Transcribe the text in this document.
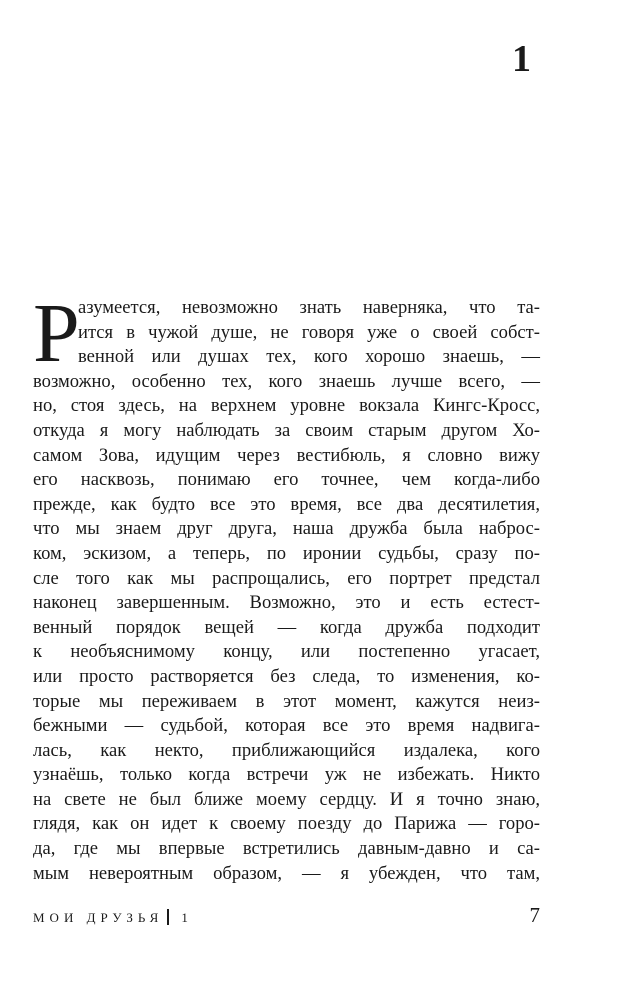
1
Р
азумеется, невозможно знать наверняка, что та-
ится в чужой душе, не говоря уже о своей собст-
венной или душах тех, кого хорошо знаешь, —
возможно, особенно тех, кого знаешь лучше всего, —
но, стоя здесь, на верхнем уровне вокзала Кингс-Кросс,
откуда я могу наблюдать за своим старым другом Хо-
самом Зова, идущим через вестибюль, я словно вижу
его насквозь, понимаю его точнее, чем когда-либо
прежде, как будто все это время, все два десятилетия,
что мы знаем друг друга, наша дружба была наброс-
ком, эскизом, а теперь, по иронии судьбы, сразу по-
сле того как мы распрощались, его портрет предстал
наконец завершенным. Возможно, это и есть естест-
венный порядок вещей — когда дружба подходит
к необъяснимому концу, или постепенно угасает,
или просто растворяется без следа, то изменения, ко-
торые мы переживаем в этот момент, кажутся неиз-
бежными — судьбой, которая все это время надвига-
лась, как некто, приближающийся издалека, кого
узнаёшь, только когда встречи уж не избежать. Никто
на свете не был ближе моему сердцу. И я точно знаю,
глядя, как он идет к своему поезду до Парижа — горо-
да, где мы впервые встретились давным-давно и са-
мым невероятным образом, — я убежден, что там,
МОИ ДРУЗЬЯ 1	7
